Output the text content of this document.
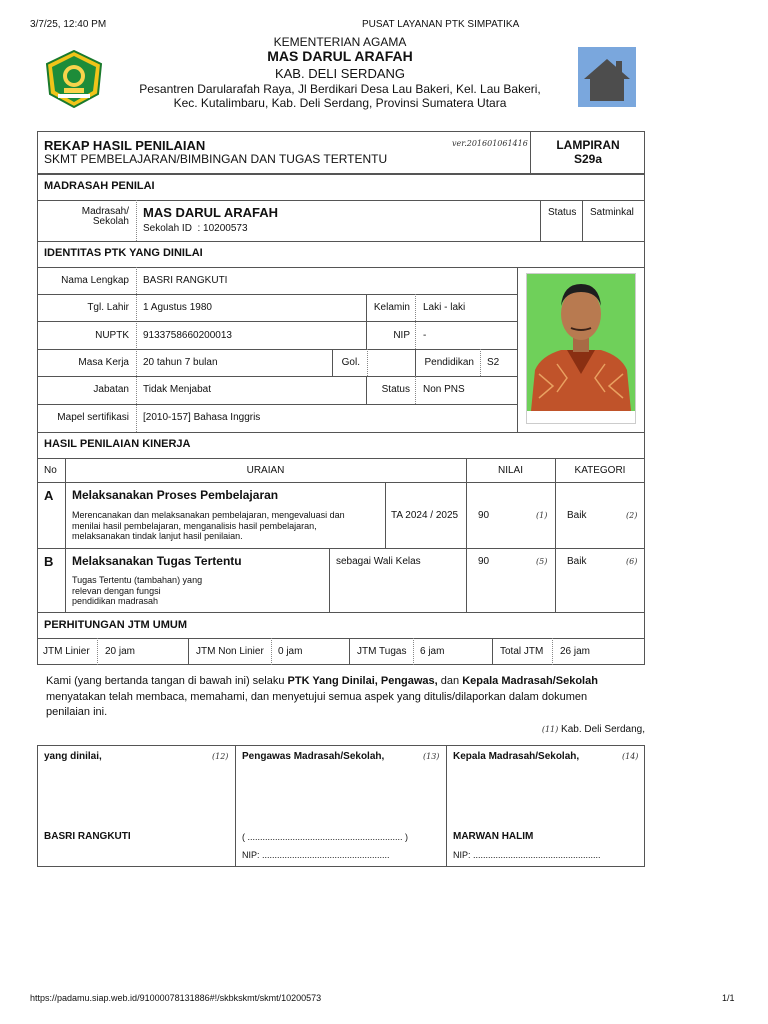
3/7/25, 12:40 PM	PUSAT LAYANAN PTK SIMPATIKA
KEMENTERIAN AGAMA
MAS DARUL ARAFAH
KAB. DELI SERDANG
Pesantren Darularafah Raya, Jl Berdikari Desa Lau Bakeri, Kel. Lau Bakeri,
Kec. Kutalimbaru, Kab. Deli Serdang, Provinsi Sumatera Utara
REKAP HASIL PENILAIAN
SKMT PEMBELAJARAN/BIMBINGAN DAN TUGAS TERTENTU
ver.201601061416	LAMPIRAN
S29a
MADRASAH PENILAI
Madrasah/
Sekolah
MAS DARUL ARAFAH
Sekolah ID : 10200573
Status Satminkal
IDENTITAS PTK YANG DINILAI
Nama Lengkap BASRI RANGKUTI
Tgl. Lahir 1 Agustus 1980	Kelamin Laki - laki
NUPTK 9133758660200013	NIP -
Masa Kerja 20 tahun 7 bulan	Gol.	Pendidikan S2
Jabatan Tidak Menjabat	Status Non PNS
Mapel sertifikasi [2010-157] Bahasa Inggris
HASIL PENILAIAN KINERJA
No	URAIAN	NILAI	KATEGORI
A Melaksanakan Proses Pembelajaran
Merencanakan dan melaksanakan pembelajaran, mengevaluasi dan
menilai hasil pembelajaran, menganalisis hasil pembelajaran,
melaksanakan tindak lanjut hasil penilaian.
TA 2024 / 2025 90	(1) Baik	(2)
B Melaksanakan Tugas Tertentu
Tugas Tertentu (tambahan) yang
relevan dengan fungsi
pendidikan madrasah
sebagai Wali Kelas	90	(5) Baik	(6)
PERHITUNGAN JTM UMUM
JTM Linier 20 jam	JTM Non Linier 0 jam	JTM Tugas 6 jam	Total JTM 26 jam
Kami (yang bertanda tangan di bawah ini) selaku PTK Yang Dinilai, Pengawas, dan Kepala Madrasah/Sekolah
menyatakan telah membaca, memahami, dan menyetujui semua aspek yang ditulis/dilaporkan dalam dokumen
penilaian ini.
(11) Kab. Deli Serdang,
yang dinilai,	(12)
BASRI RANGKUTI
Pengawas Madrasah/Sekolah,	(13)
( .............................................................. )
NIP: ...................................................
Kepala Madrasah/Sekolah,	(14)
MARWAN HALIM
NIP: ...................................................
https://padamu.siap.web.id/91000078131886#!/skbkskmt/skmt/10200573	1/1
